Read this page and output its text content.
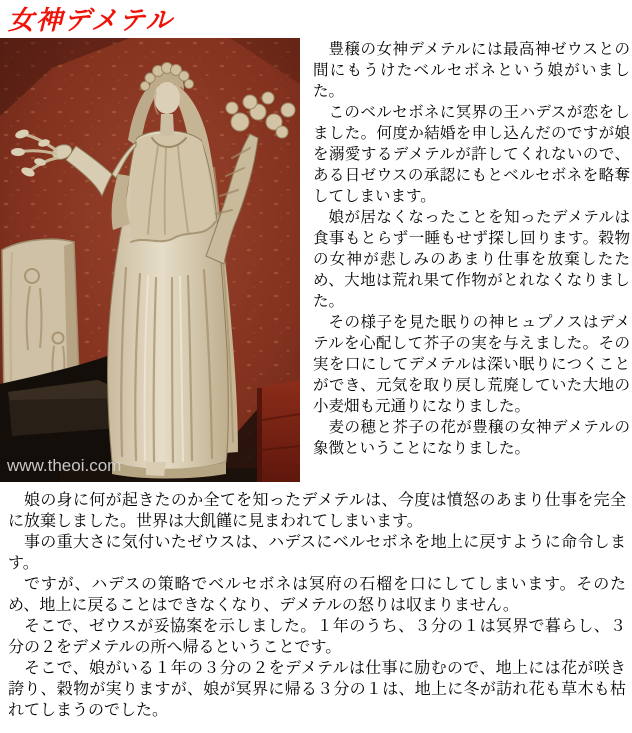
女神デメテル
www.theoi.com

豊穣の女神デメテルには最高神ゼウスとの間にもうけたベルセボネという娘がいました。

このベルセボネに冥界の王ハデスが恋をしました。何度か結婚を申し込んだのですが娘を溺愛するデメテルが許してくれないので、ある日ゼウスの承認にもとベルセボネを略奪してしまいます。

娘が居なくなったことを知ったデメテルは食事もとらず一睡もせず探し回ります。穀物の女神が悲しみのあまり仕事を放棄したため、大地は荒れ果て作物がとれなくなりました。

その様子を見た眠りの神ヒュプノスはデメテルを心配して芥子の実を与えました。その実を口にしてデメテルは深い眠りにつくことができ、元気を取り戻し荒廃していた大地の小麦畑も元通りになりました。

麦の穂と芥子の花が豊穣の女神デメテルの象徴ということになりました。

娘の身に何が起きたのか全てを知ったデメテルは、今度は憤怒のあまり仕事を完全に放棄しました。世界は大飢饉に見まわれてしまいます。

事の重大さに気付いたゼウスは、ハデスにベルセボネを地上に戻すように命令します。

ですが、ハデスの策略でベルセボネは冥府の石榴を口にしてしまいます。そのため、地上に戻ることはできなくなり、デメテルの怒りは収まりません。

そこで、ゼウスが妥協案を示しました。１年のうち、３分の１は冥界で暮らし、３分の２をデメテルの所へ帰るということです。

そこで、娘がいる１年の３分の２をデメテルは仕事に励むので、地上には花が咲き誇り、穀物が実りますが、娘が冥界に帰る３分の１は、地上に冬が訪れ花も草木も枯れてしまうのでした。
